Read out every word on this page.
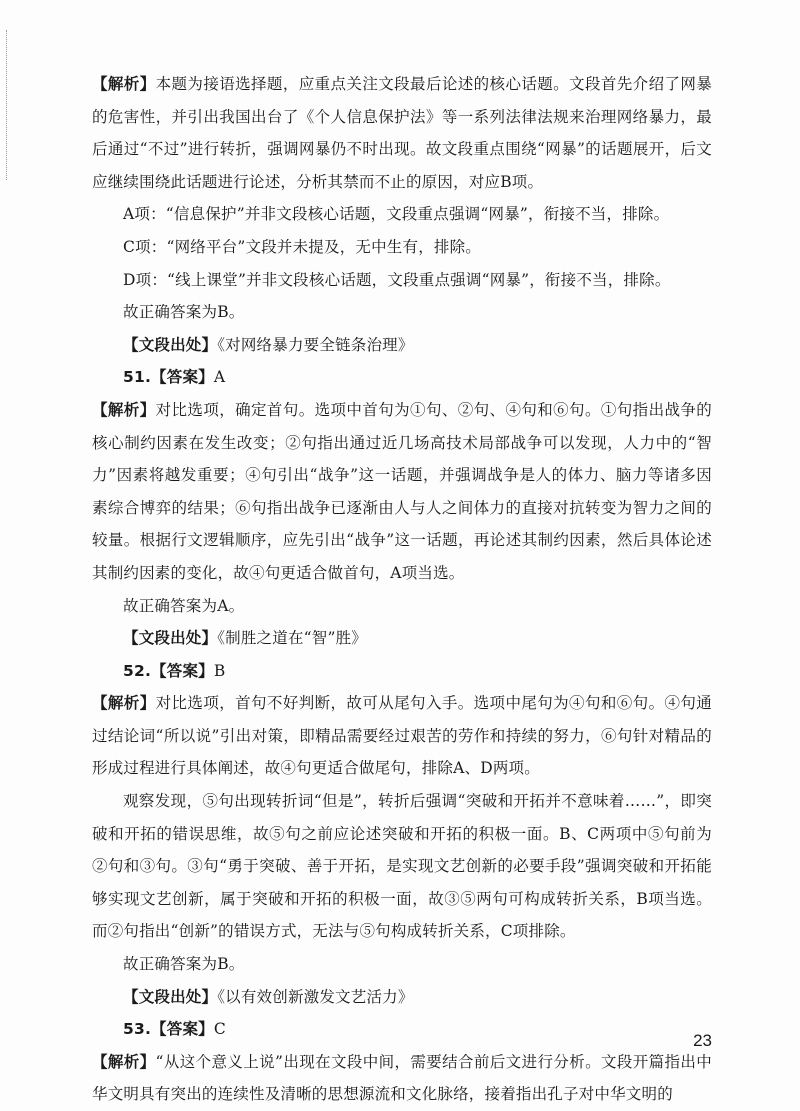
【解析】本题为接语选择题，应重点关注文段最后论述的核心话题。文段首先介绍了网暴的危害性，并引出我国出台了《个人信息保护法》等一系列法律法规来治理网络暴力，最后通过“不过”进行转折，强调网暴仍不时出现。故文段重点围绕“网暴”的话题展开，后文应继续围绕此话题进行论述，分析其禁而不止的原因，对应B项。

A项：“信息保护”并非文段核心话题，文段重点强调“网暴”，衔接不当，排除。

C项：“网络平台”文段并未提及，无中生有，排除。

D项：“线上课堂”并非文段核心话题，文段重点强调“网暴”，衔接不当，排除。

故正确答案为B。

【文段出处】《对网络暴力要全链条治理》

51.【答案】A

【解析】对比选项，确定首句。选项中首句为①句、②句、④句和⑥句。①句指出战争的核心制约因素在发生改变；②句指出通过近几场高技术局部战争可以发现，人力中的“智力”因素将越发重要；④句引出“战争”这一话题，并强调战争是人的体力、脑力等诸多因素综合博弈的结果；⑥句指出战争已逐渐由人与人之间体力的直接对抗转变为智力之间的较量。根据行文逻辑顺序，应先引出“战争”这一话题，再论述其制约因素，然后具体论述其制约因素的变化，故④句更适合做首句，A项当选。

故正确答案为A。

【文段出处】《制胜之道在“智”胜》

52.【答案】B

【解析】对比选项，首句不好判断，故可从尾句入手。选项中尾句为④句和⑥句。④句通过结论词“所以说”引出对策，即精品需要经过艰苦的劳作和持续的努力，⑥句针对精品的形成过程进行具体阐述，故④句更适合做尾句，排除A、D两项。

观察发现，⑤句出现转折词“但是”，转折后强调“突破和开拓并不意味着……”，即突破和开拓的错误思维，故⑤句之前应论述突破和开拓的积极一面。B、C两项中⑤句前为②句和③句。③句“勇于突破、善于开拓，是实现文艺创新的必要手段”强调突破和开拓能够实现文艺创新，属于突破和开拓的积极一面，故③⑤两句可构成转折关系，B项当选。而②句指出“创新”的错误方式，无法与⑤句构成转折关系，C项排除。

故正确答案为B。

【文段出处】《以有效创新激发文艺活力》

53.【答案】C

【解析】“从这个意义上说”出现在文段中间，需要结合前后文进行分析。文段开篇指出中华文明具有突出的连续性及清晰的思想源流和文化脉络，接着指出孔子对中华文明的

23
